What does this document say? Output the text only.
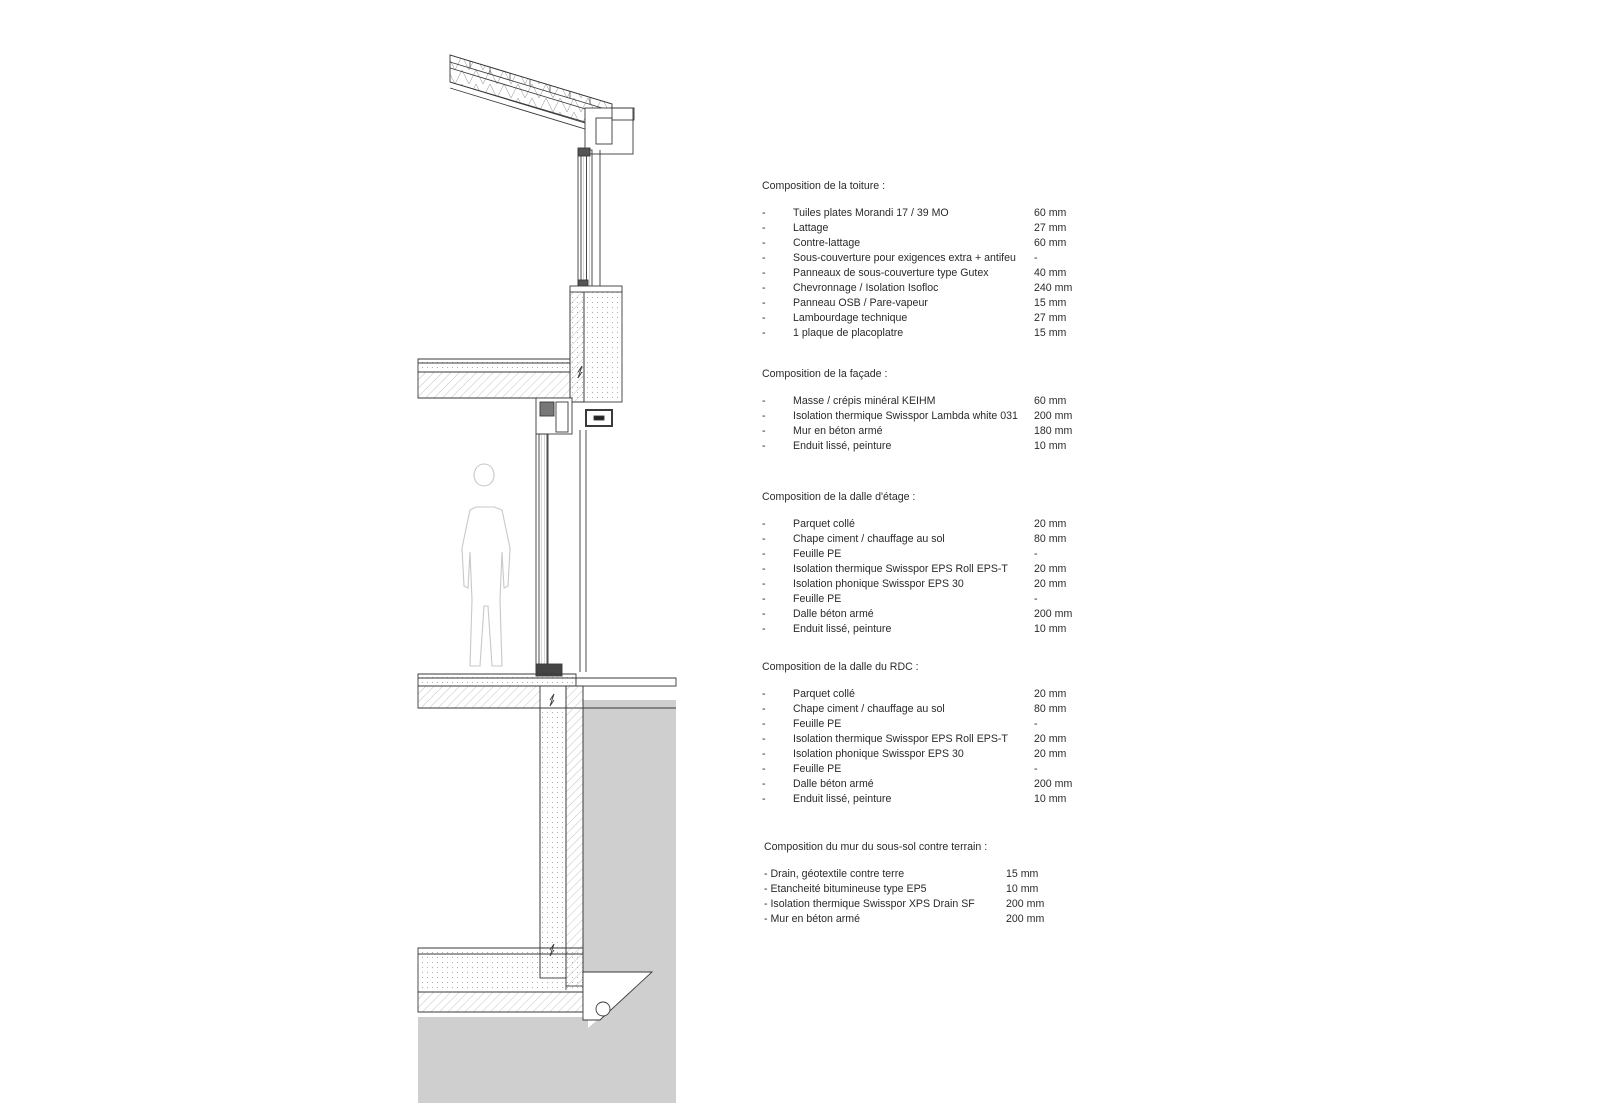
Composition de la toiture :
-	Tuiles plates Morandi 17 / 39 MO	60 mm
-	Lattage	27 mm
-	Contre-lattage	60 mm
-	Sous-couverture pour exigences extra + antifeu -
-	Panneaux de sous-couverture type Gutex	40 mm
-	Chevronnage / Isolation Isofloc	240 mm
-	Panneau OSB / Pare-vapeur	15 mm
-	Lambourdage technique	27 mm
-	1 plaque de placoplatre	15 mm
Composition de la façade :
-	Masse / crépis minéral KEIHM	60 mm
-	Isolation thermique Swisspor Lambda white 031 200 mm
-	Mur en béton armé	180 mm
-	Enduit lissé, peinture	10 mm
Composition de la dalle d'étage :
-	Parquet collé	20 mm
-	Chape ciment / chauffage au sol	80 mm
-	Feuille PE	-
-	Isolation thermique Swisspor EPS Roll EPS-T 20 mm
-	Isolation phonique Swisspor EPS 30	20 mm
-	Feuille PE	-
-	Dalle béton armé	200 mm
-	Enduit lissé, peinture	10 mm
Composition de la dalle du RDC :
-	Parquet collé	20 mm
-	Chape ciment / chauffage au sol	80 mm
-	Feuille PE	-
-	Isolation thermique Swisspor EPS Roll EPS-T 20 mm
-	Isolation phonique Swisspor EPS 30	20 mm
-	Feuille PE	-
-	Dalle béton armé	200 mm
-	Enduit lissé, peinture	10 mm
Composition du mur du sous-sol contre terrain :
- Drain, géotextile contre terre	15 mm
- Etancheité bitumineuse type EP5	10 mm
- Isolation thermique Swisspor XPS Drain SF	200 mm
- Mur en béton armé	200 mm
